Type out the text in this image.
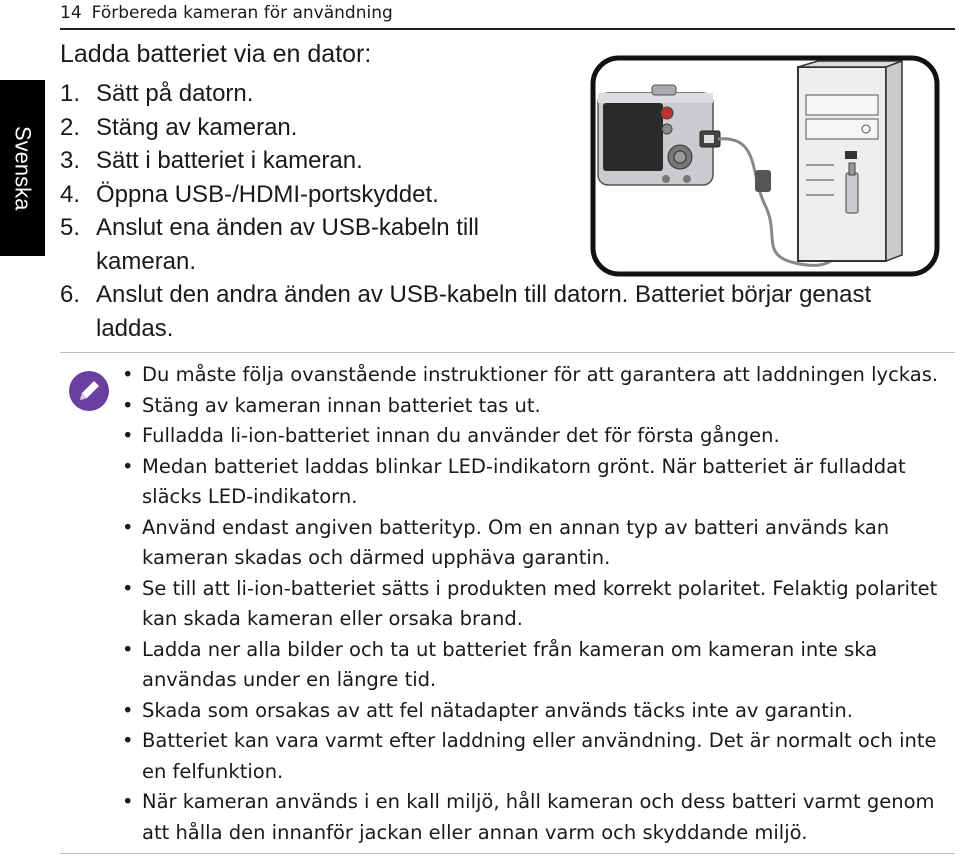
14 Förbereda kameran för användning
Svenska
Ladda batteriet via en dator:
1. Sätt på datorn.
2. Stäng av kameran.
3. Sätt i batteriet i kameran.
4. Öppna USB-/HDMI-portskyddet.
5. Anslut ena änden av USB-kabeln till kameran.
6. Anslut den andra änden av USB-kabeln till datorn. Batteriet börjar genast laddas.
• Du måste följa ovanstående instruktioner för att garantera att laddningen lyckas.
• Stäng av kameran innan batteriet tas ut.
• Fulladda li-ion-batteriet innan du använder det för första gången.
• Medan batteriet laddas blinkar LED-indikatorn grönt. När batteriet är fulladdat släcks LED-indikatorn.
• Använd endast angiven batterityp. Om en annan typ av batteri används kan kameran skadas och därmed upphäva garantin.
• Se till att li-ion-batteriet sätts i produkten med korrekt polaritet. Felaktig polaritet kan skada kameran eller orsaka brand.
• Ladda ner alla bilder och ta ut batteriet från kameran om kameran inte ska användas under en längre tid.
• Skada som orsakas av att fel nätadapter används täcks inte av garantin.
• Batteriet kan vara varmt efter laddning eller användning. Det är normalt och inte en felfunktion.
• När kameran används i en kall miljö, håll kameran och dess batteri varmt genom att hålla den innanför jackan eller annan varm och skyddande miljö.
